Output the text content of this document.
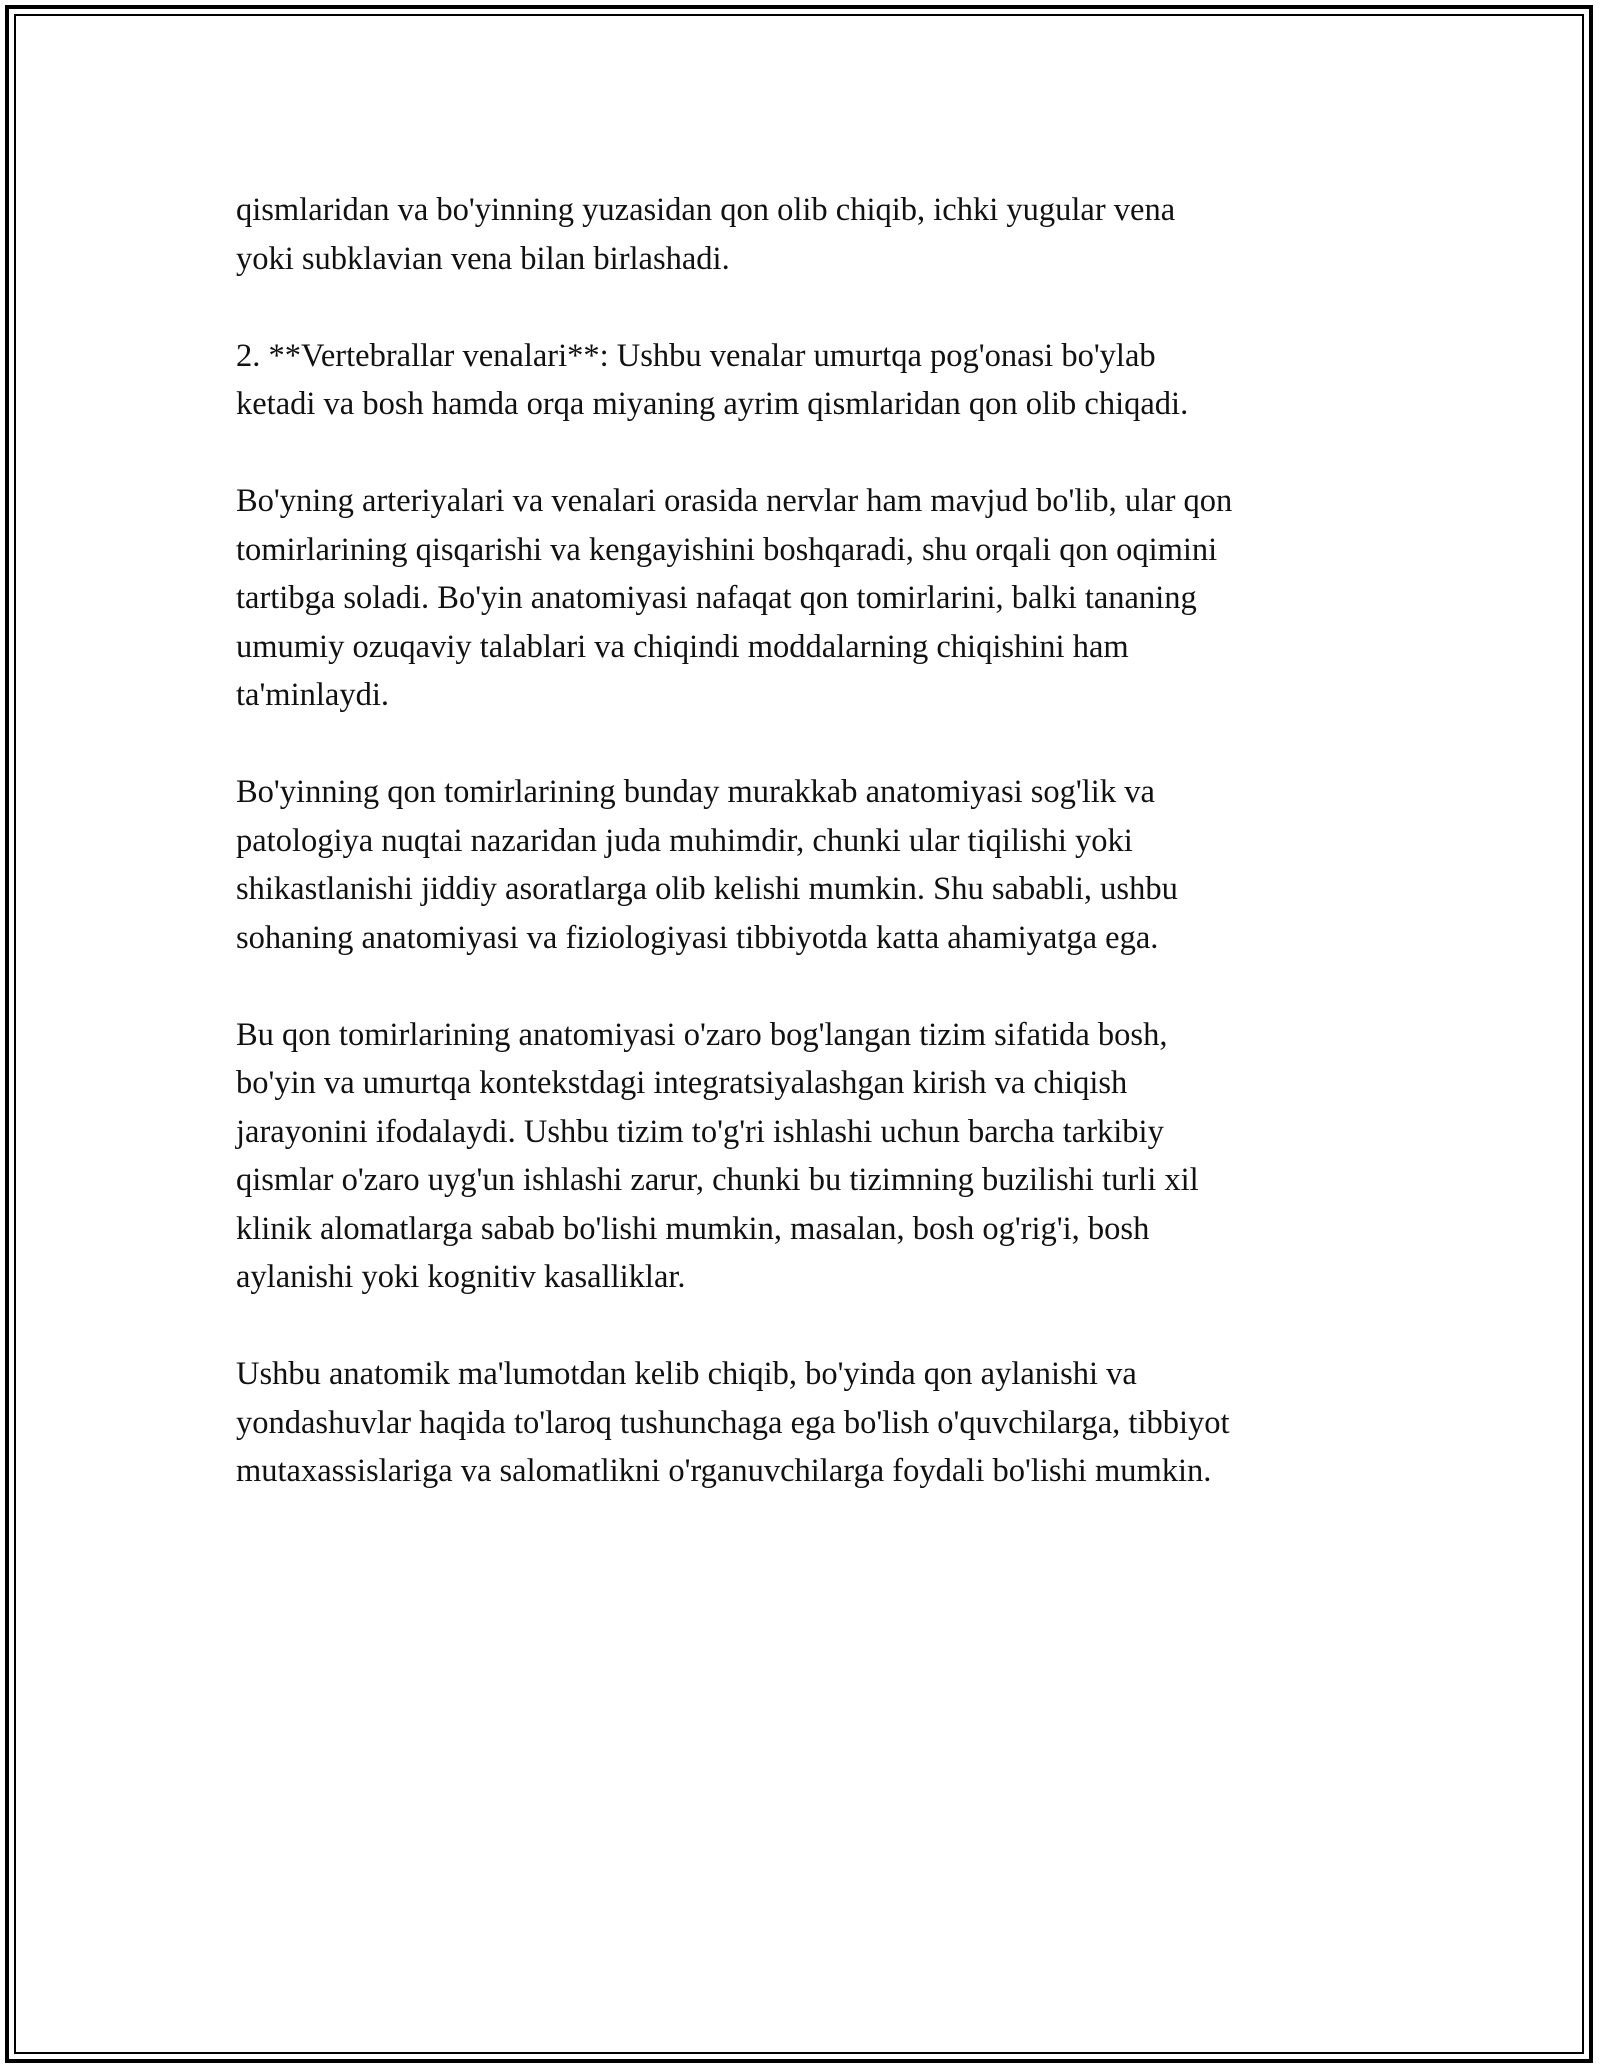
qismlaridan va bo'yinning yuzasidan qon olib chiqib, ichki yugular vena
yoki subklavian vena bilan birlashadi.

2. **Vertebrallar venalari**: Ushbu venalar umurtqa pog'onasi bo'ylab
ketadi va bosh hamda orqa miyaning ayrim qismlaridan qon olib chiqadi.

Bo'yning arteriyalari va venalari orasida nervlar ham mavjud bo'lib, ular qon
tomirlarining qisqarishi va kengayishini boshqaradi, shu orqali qon oqimini
tartibga soladi. Bo'yin anatomiyasi nafaqat qon tomirlarini, balki tananing
umumiy ozuqaviy talablari va chiqindi moddalarning chiqishini ham
ta'minlaydi.

Bo'yinning qon tomirlarining bunday murakkab anatomiyasi sog'lik va
patologiya nuqtai nazaridan juda muhimdir, chunki ular tiqilishi yoki
shikastlanishi jiddiy asoratlarga olib kelishi mumkin. Shu sababli, ushbu
sohaning anatomiyasi va fiziologiyasi tibbiyotda katta ahamiyatga ega.

Bu qon tomirlarining anatomiyasi o'zaro bog'langan tizim sifatida bosh,
bo'yin va umurtqa kontekstdagi integratsiyalashgan kirish va chiqish
jarayonini ifodalaydi. Ushbu tizim to'g'ri ishlashi uchun barcha tarkibiy
qismlar o'zaro uyg'un ishlashi zarur, chunki bu tizimning buzilishi turli xil
klinik alomatlarga sabab bo'lishi mumkin, masalan, bosh og'rig'i, bosh
aylanishi yoki kognitiv kasalliklar.

Ushbu anatomik ma'lumotdan kelib chiqib, bo'yinda qon aylanishi va
yondashuvlar haqida to'laroq tushunchaga ega bo'lish o'quvchilarga, tibbiyot
mutaxassislariga va salomatlikni o'rganuvchilarga foydali bo'lishi mumkin.
